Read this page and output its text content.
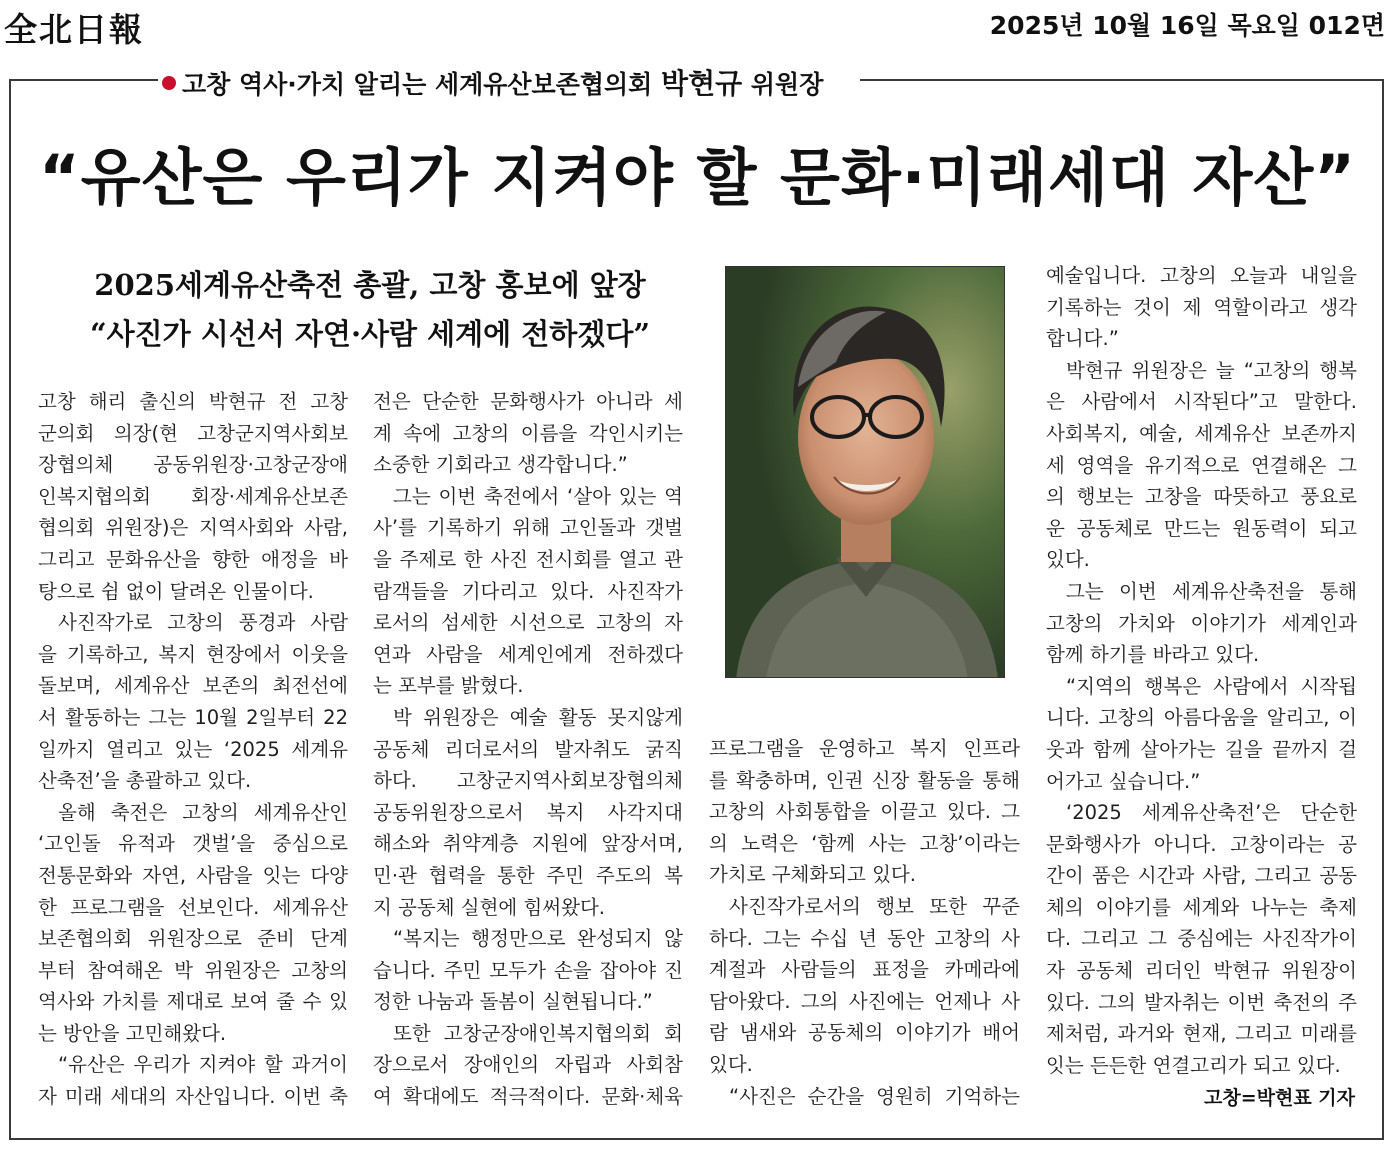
全北日報	2025년 10월 16일 목요일 012면
고창 역사·가치 알리는 세계유산보존협의회 박현규 위원장
“유산은 우리가 지켜야 할 문화·미래세대 자산”
2025세계유산축전 총괄, 고창 홍보에 앞장
“사진가 시선서 자연·사람 세계에 전하겠다”
고창 해리 출신의 박현규 전 고창
군의회 의장(현 고창군지역사회보
장협의체 공동위원장·고창군장애
인복지협의회 회장·세계유산보존
협의회 위원장)은 지역사회와 사람,
그리고 문화유산을 향한 애정을 바
탕으로 쉼 없이 달려온 인물이다.
사진작가로 고창의 풍경과 사람
을 기록하고, 복지 현장에서 이웃을
돌보며, 세계유산 보존의 최전선에
서 활동하는 그는 10월 2일부터 22
일까지 열리고 있는 ‘2025 세계유
산축전’을 총괄하고 있다.
올해 축전은 고창의 세계유산인
‘고인돌 유적과 갯벌’을 중심으로
전통문화와 자연, 사람을 잇는 다양
한 프로그램을 선보인다. 세계유산
보존협의회 위원장으로 준비 단계
부터 참여해온 박 위원장은 고창의
역사와 가치를 제대로 보여 줄 수 있
는 방안을 고민해왔다.
“유산은 우리가 지켜야 할 과거이
자 미래 세대의 자산입니다. 이번 축
전은 단순한 문화행사가 아니라 세
계 속에 고창의 이름을 각인시키는
소중한 기회라고 생각합니다.”
그는 이번 축전에서 ‘살아 있는 역
사’를 기록하기 위해 고인돌과 갯벌
을 주제로 한 사진 전시회를 열고 관
람객들을 기다리고 있다. 사진작가
로서의 섬세한 시선으로 고창의 자
연과 사람을 세계인에게 전하겠다
는 포부를 밝혔다.
박 위원장은 예술 활동 못지않게
공동체 리더로서의 발자취도 굵직
하다. 고창군지역사회보장협의체
공동위원장으로서 복지 사각지대
해소와 취약계층 지원에 앞장서며,
민·관 협력을 통한 주민 주도의 복
지 공동체 실현에 힘써왔다.
“복지는 행정만으로 완성되지 않
습니다. 주민 모두가 손을 잡아야 진
정한 나눔과 돌봄이 실현됩니다.”
또한 고창군장애인복지협의회 회
장으로서 장애인의 자립과 사회참
여 확대에도 적극적이다. 문화·체육
프로그램을 운영하고 복지 인프라
를 확충하며, 인권 신장 활동을 통해
고창의 사회통합을 이끌고 있다. 그
의 노력은 ‘함께 사는 고창’이라는
가치로 구체화되고 있다.
사진작가로서의 행보 또한 꾸준
하다. 그는 수십 년 동안 고창의 사
계절과 사람들의 표정을 카메라에
담아왔다. 그의 사진에는 언제나 사
람 냄새와 공동체의 이야기가 배어
있다.
“사진은 순간을 영원히 기억하는
예술입니다. 고창의 오늘과 내일을
기록하는 것이 제 역할이라고 생각
합니다.”
박현규 위원장은 늘 “고창의 행복
은 사람에서 시작된다”고 말한다.
사회복지, 예술, 세계유산 보존까지
세 영역을 유기적으로 연결해온 그
의 행보는 고창을 따뜻하고 풍요로
운 공동체로 만드는 원동력이 되고
있다.
그는 이번 세계유산축전을 통해
고창의 가치와 이야기가 세계인과
함께 하기를 바라고 있다.
“지역의 행복은 사람에서 시작됩
니다. 고창의 아름다움을 알리고, 이
웃과 함께 살아가는 길을 끝까지 걸
어가고 싶습니다.”
‘2025 세계유산축전’은 단순한
문화행사가 아니다. 고창이라는 공
간이 품은 시간과 사람, 그리고 공동
체의 이야기를 세계와 나누는 축제
다. 그리고 그 중심에는 사진작가이
자 공동체 리더인 박현규 위원장이
있다. 그의 발자취는 이번 축전의 주
제처럼, 과거와 현재, 그리고 미래를
잇는 든든한 연결고리가 되고 있다.
고창=박현표 기자
